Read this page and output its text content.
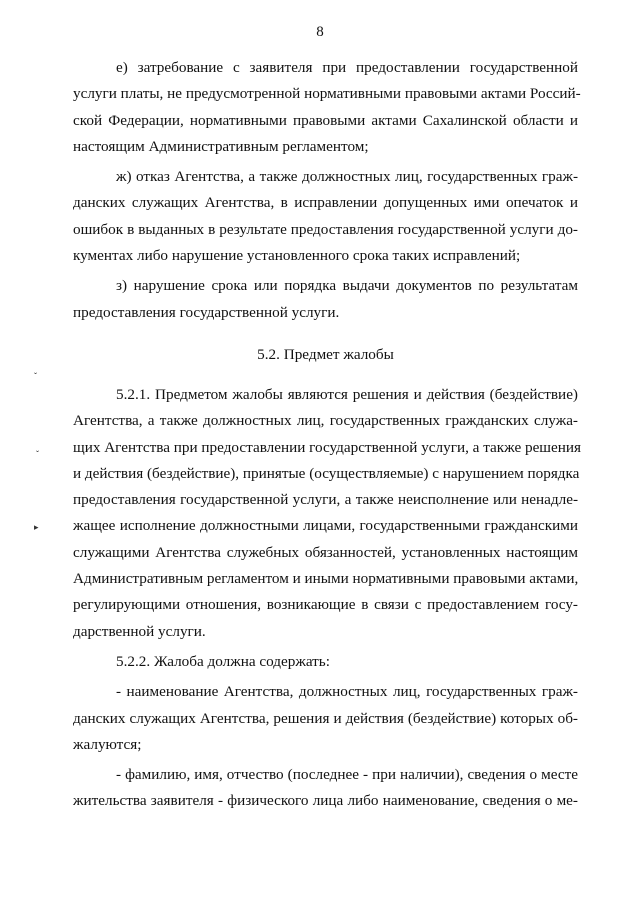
8
ˇ
ˇ
▸
е) затребование с заявителя при предоставлении государственной
услуги платы, не предусмотренной нормативными правовыми актами Россий-
ской Федерации, нормативными правовыми актами Сахалинской области и
настоящим Административным регламентом;
ж) отказ Агентства, а также должностных лиц, государственных граж-
данских служащих Агентства, в исправлении допущенных ими опечаток и
ошибок в выданных в результате предоставления государственной услуги до-
кументах либо нарушение установленного срока таких исправлений;
з) нарушение срока или порядка выдачи документов по результатам
предоставления государственной услуги.
5.2. Предмет жалобы
5.2.1. Предметом жалобы являются решения и действия (бездействие)
Агентства, а также должностных лиц, государственных гражданских служа-
щих Агентства при предоставлении государственной услуги, а также решения
и действия (бездействие), принятые (осуществляемые) с нарушением порядка
предоставления государственной услуги, а также неисполнение или ненадле-
жащее исполнение должностными лицами, государственными гражданскими
служащими Агентства служебных обязанностей, установленных настоящим
Административным регламентом и иными нормативными правовыми актами,
регулирующими отношения, возникающие в связи с предоставлением госу-
дарственной услуги.
5.2.2. Жалоба должна содержать:
- наименование Агентства, должностных лиц, государственных граж-
данских служащих Агентства, решения и действия (бездействие) которых об-
жалуются;
- фамилию, имя, отчество (последнее - при наличии), сведения о месте
жительства заявителя - физического лица либо наименование, сведения о ме-
